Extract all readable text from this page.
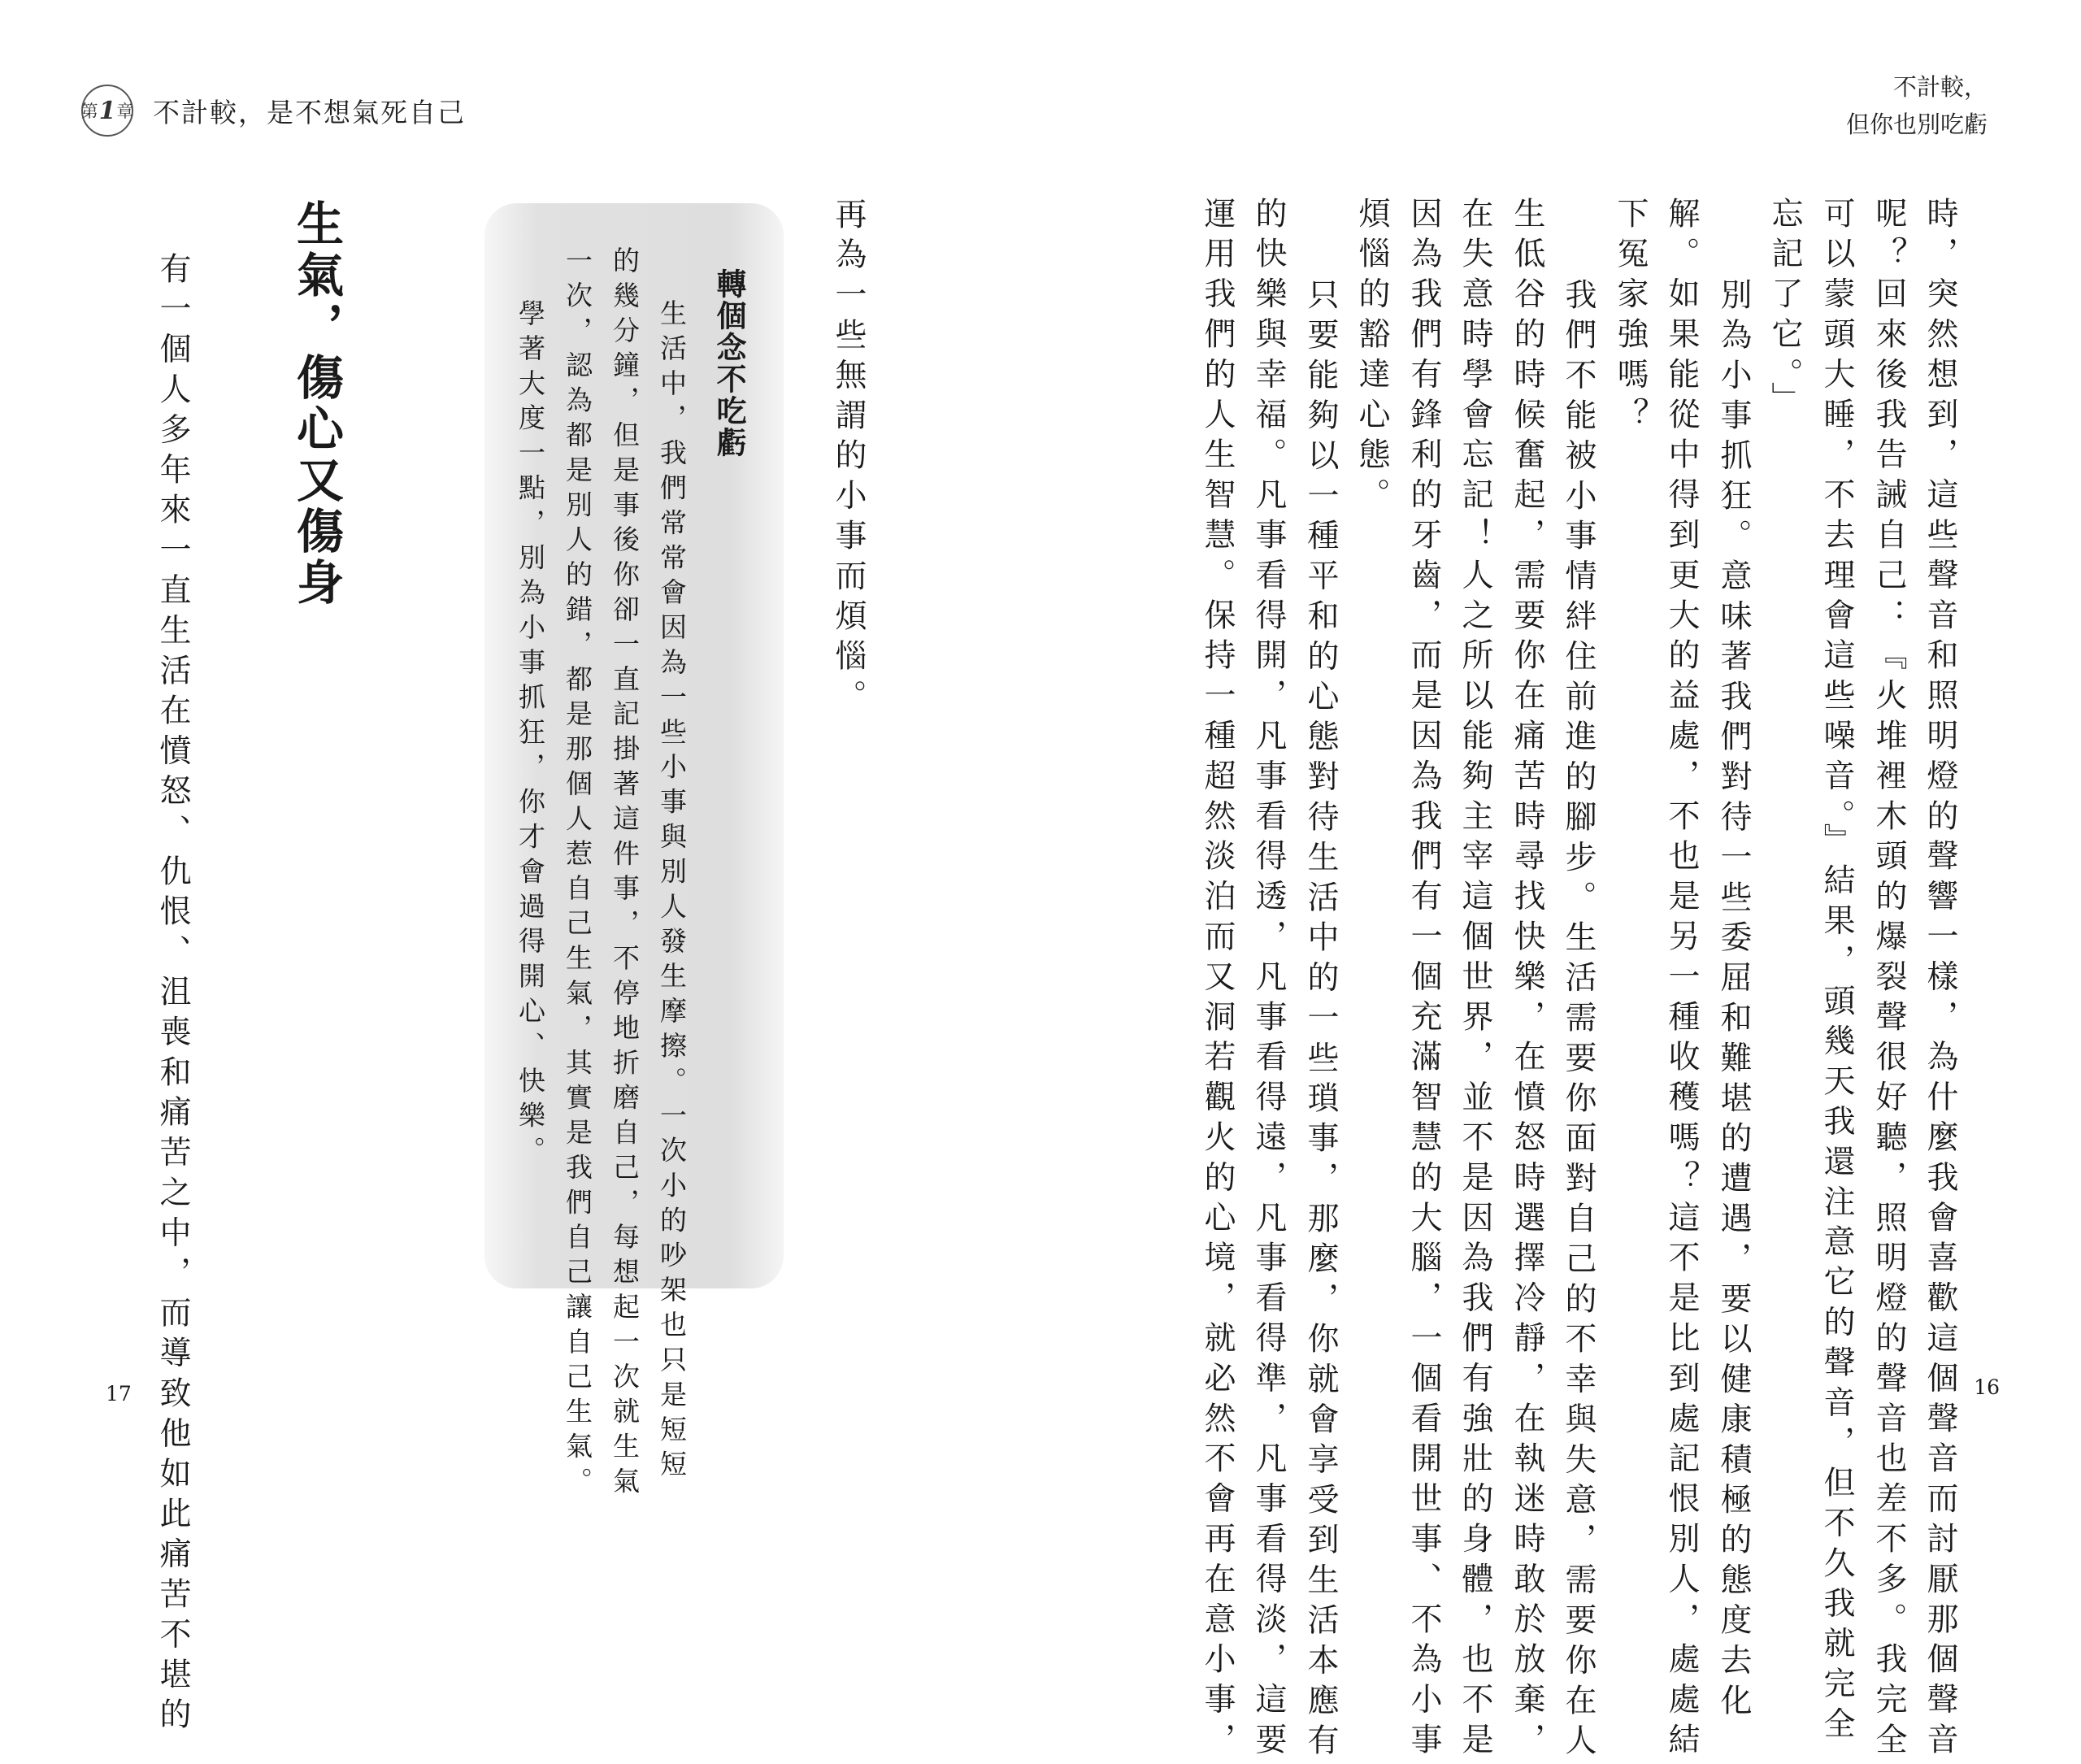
第 1 章 不計較，是不想氣死自己
不計較，
但你也別吃虧
時，突然想到，這些聲音和照明燈的聲響一樣，為什麼我會喜歡這個聲音而討厭那個聲音
呢？回來後我告誡自己：『火堆裡木頭的爆裂聲很好聽，照明燈的聲音也差不多。我完全
可以蒙頭大睡，不去理會這些噪音。』結果，頭幾天我還注意它的聲音，但不久我就完全
忘記了它。」
別為小事抓狂。意味著我們對待一些委屈和難堪的遭遇，要以健康積極的態度去化
解。如果能從中得到更大的益處，不也是另一種收穫嗎？這不是比到處記恨別人，處處結
下冤家強嗎？
我們不能被小事情絆住前進的腳步。生活需要你面對自己的不幸與失意，需要你在人
生低谷的時候奮起，需要你在痛苦時尋找快樂，在憤怒時選擇冷靜，在執迷時敢於放棄，
在失意時學會忘記！人之所以能夠主宰這個世界，並不是因為我們有強壯的身體，也不是
因為我們有鋒利的牙齒，而是因為我們有一個充滿智慧的大腦，一個看開世事、不為小事
煩惱的豁達心態。
只要能夠以一種平和的心態對待生活中的一些瑣事，那麼，你就會享受到生活本應有
的快樂與幸福。凡事看得開，凡事看得透，凡事看得遠，凡事看得準，凡事看得淡，這要
運用我們的人生智慧。保持一種超然淡泊而又洞若觀火的心境，就必然不會再在意小事，
再為一些無謂的小事而煩惱。
轉個念不吃虧
生活中，我們常常會因為一些小事與別人發生摩擦。一次小的吵架也只是短短
的幾分鐘，但是事後你卻一直記掛著這件事，不停地折磨自己，每想起一次就生氣
一次，認為都是別人的錯，都是那個人惹自己生氣，其實是我們自己讓自己生氣。
學著大度一點，別為小事抓狂，你才會過得開心、快樂。
生氣，傷心又傷身
有一個人多年來一直生活在憤怒、仇恨、沮喪和痛苦之中，而導致他如此痛苦不堪的
17	16
